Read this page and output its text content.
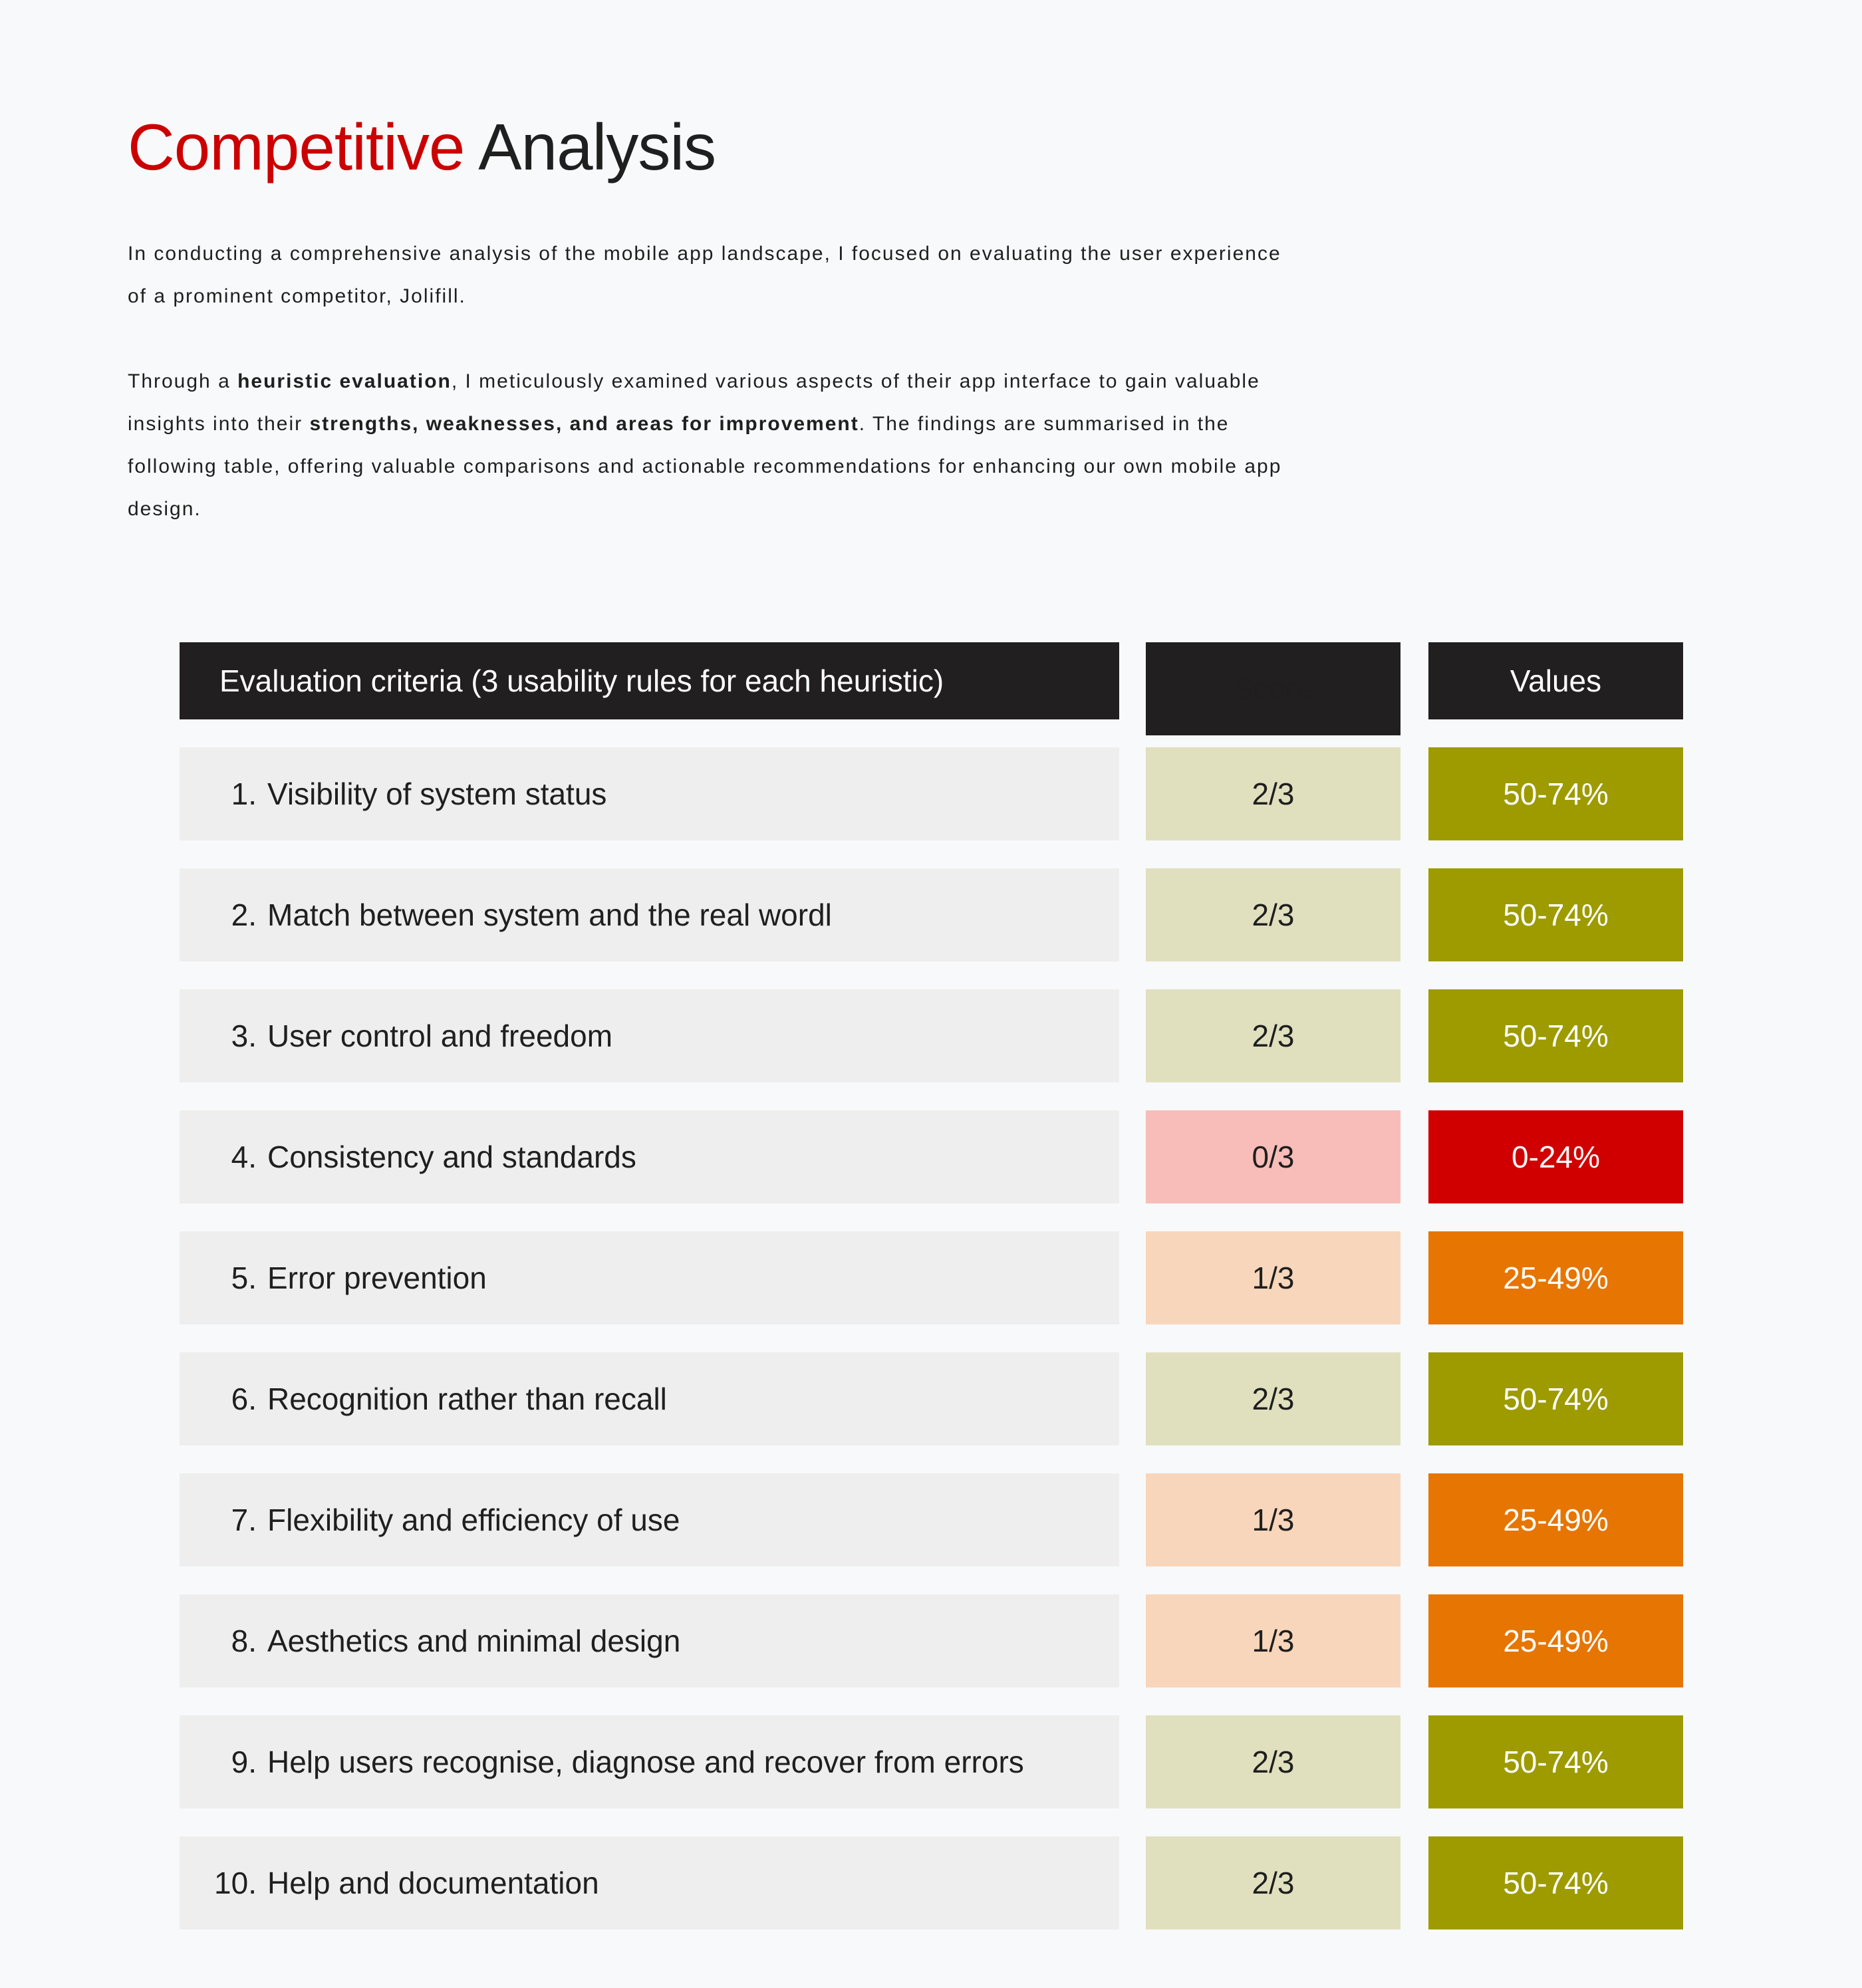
Competitive Analysis

In conducting a comprehensive analysis of the mobile app landscape, I focused on evaluating the user experience of a prominent competitor, Jolifill.

Through a heuristic evaluation, I meticulously examined various aspects of their app interface to gain valuable insights into their strengths, weaknesses, and areas for improvement. The findings are summarised in the following table, offering valuable comparisons and actionable recommendations for enhancing our own mobile app design.

Evaluation criteria (3 usability rules for each heuristic)	Score	Values
1. Visibility of system status	2/3	50-74%
2. Match between system and the real wordl	2/3	50-74%
3. User control and freedom	2/3	50-74%
4. Consistency and standards	0/3	0-24%
5. Error prevention	1/3	25-49%
6. Recognition rather than recall	2/3	50-74%
7. Flexibility and efficiency of use	1/3	25-49%
8. Aesthetics and minimal design	1/3	25-49%
9. Help users recognise, diagnose and recover from errors	2/3	50-74%
10. Help and documentation	2/3	50-74%
